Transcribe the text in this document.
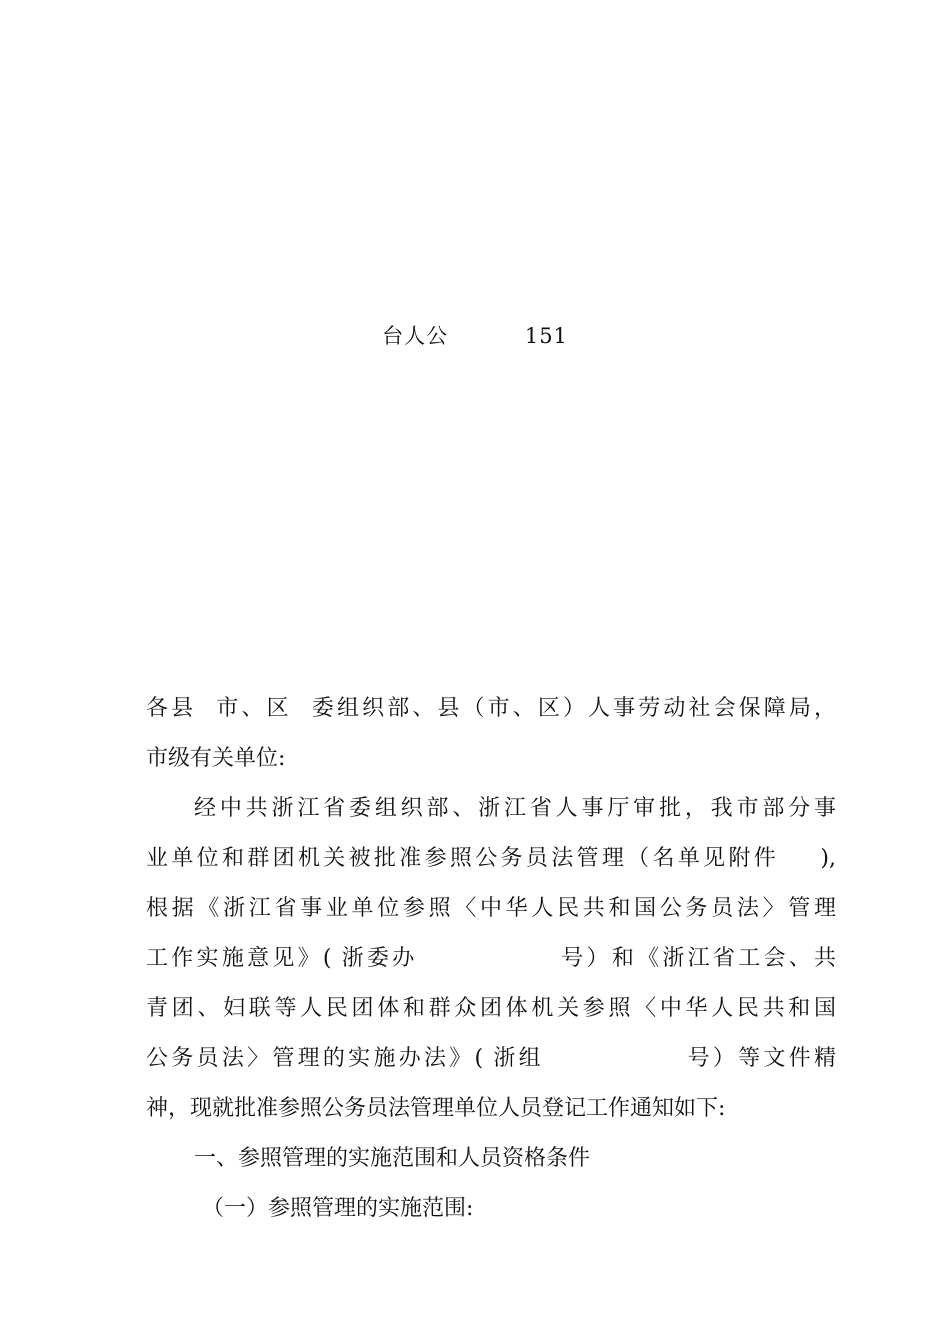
台人公          151
各县  市、区  委组织部、县（市、区）人事劳动社会保障局，
市级有关单位:
经中共浙江省委组织部、浙江省人事厅审批，我市部分事
业单位和群团机关被批准参照公务员法管理（名单见附件    ),
根据《浙江省事业单位参照〈中华人民共和国公务员法〉管理
工作实施意见》( 浙委办              号）和《浙江省工会、共
青团、妇联等人民团体和群众团体机关参照〈中华人民共和国
公务员法〉管理的实施办法》( 浙组              号）等文件精
神，现就批准参照公务员法管理单位人员登记工作通知如下:
一、参照管理的实施范围和人员资格条件
（一）参照管理的实施范围:
